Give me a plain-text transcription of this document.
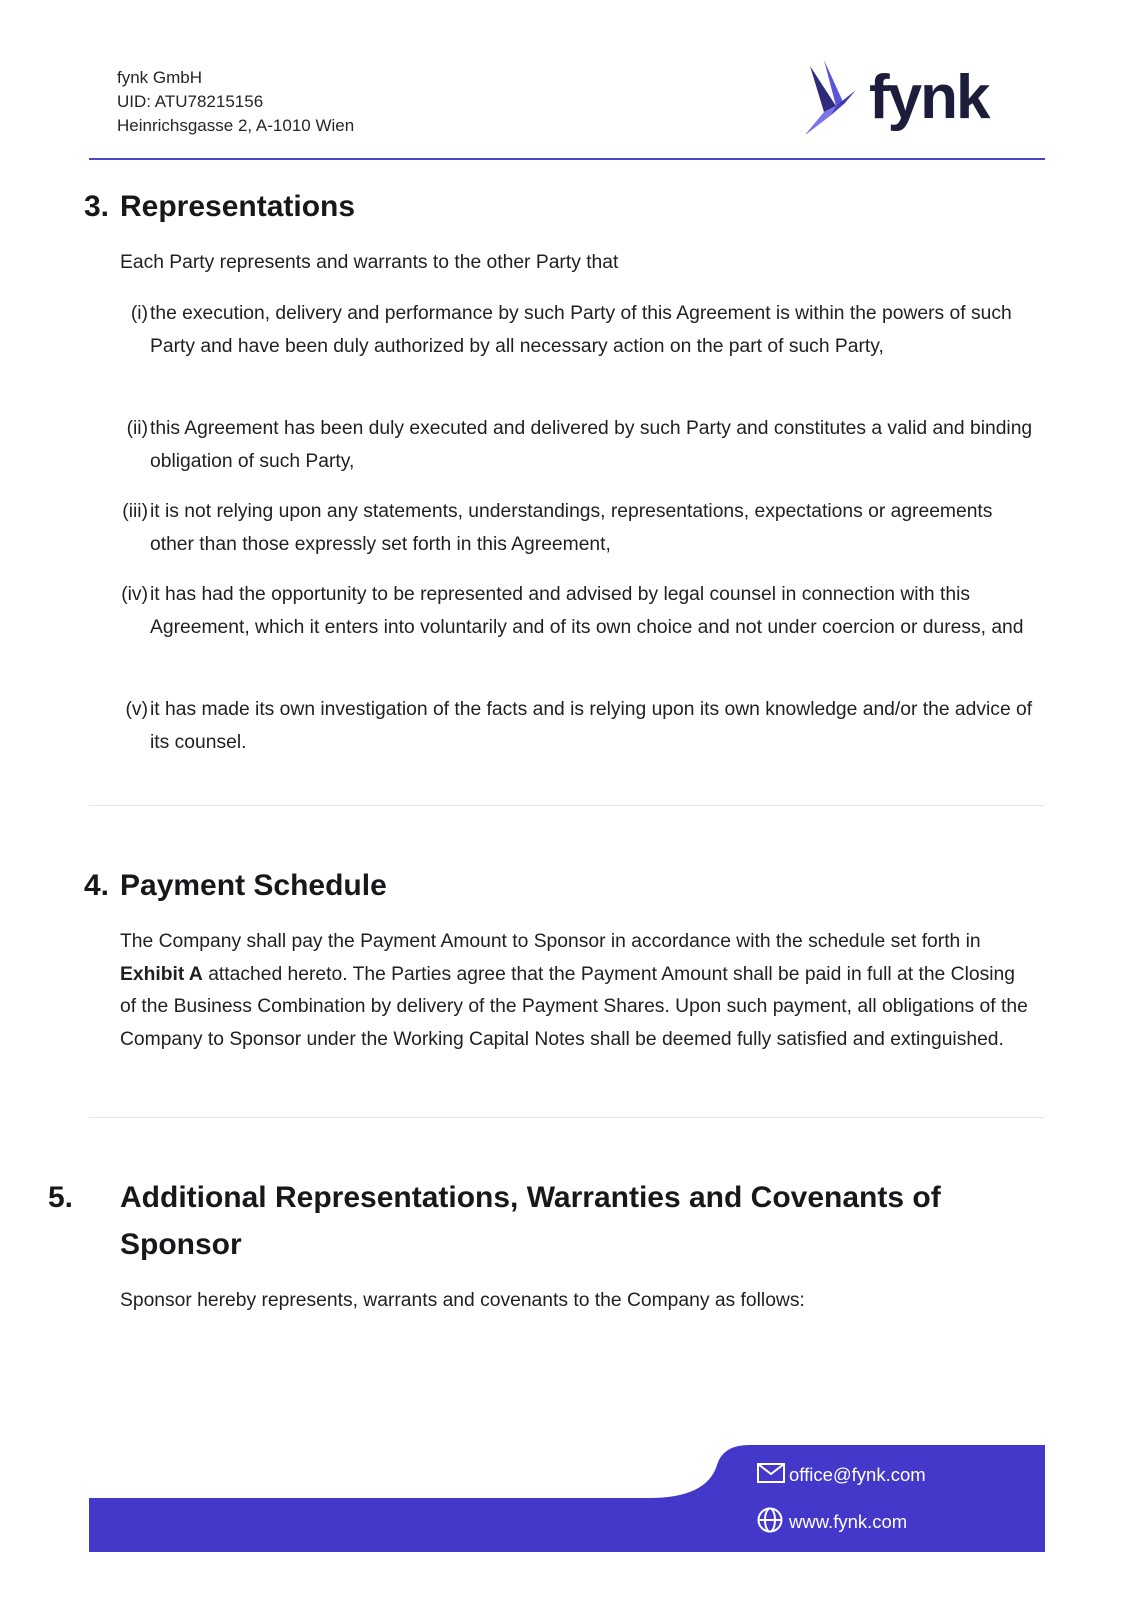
fynk GmbH
UID: ATU78215156
Heinrichsgasse 2, A-1010 Wien	fynk
3. Representations
Each Party represents and warrants to the other Party that
(i) the execution, delivery and performance by such Party of this Agreement is within the powers of such Party and have been duly authorized by all necessary action on the part of such Party,
(ii) this Agreement has been duly executed and delivered by such Party and constitutes a valid and binding obligation of such Party,
(iii) it is not relying upon any statements, understandings, representations, expectations or agreements other than those expressly set forth in this Agreement,
(iv) it has had the opportunity to be represented and advised by legal counsel in connection with this Agreement, which it enters into voluntarily and of its own choice and not under coercion or duress, and
(v) it has made its own investigation of the facts and is relying upon its own knowledge and/or the advice of its counsel.
4. Payment Schedule
The Company shall pay the Payment Amount to Sponsor in accordance with the schedule set forth in Exhibit A attached hereto. The Parties agree that the Payment Amount shall be paid in full at the Closing of the Business Combination by delivery of the Payment Shares. Upon such payment, all obligations of the Company to Sponsor under the Working Capital Notes shall be deemed fully satisfied and extinguished.
5. Additional Representations, Warranties and Covenants of Sponsor
Sponsor hereby represents, warrants and covenants to the Company as follows:
office@fynk.com
www.fynk.com
